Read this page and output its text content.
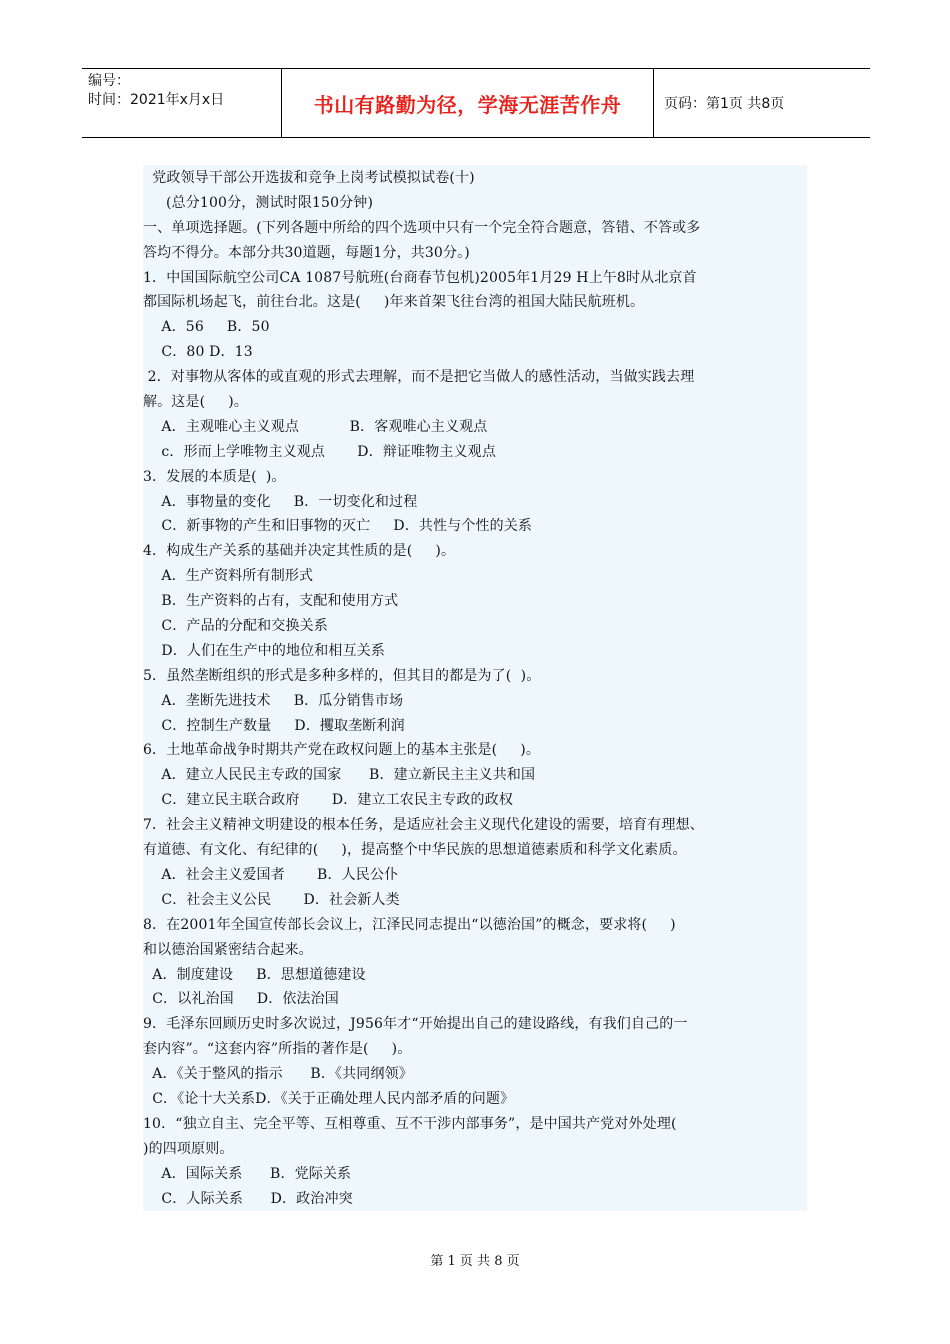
编号：
时间：2021年x月x日	书山有路勤为径，学海无涯苦作舟	页码：第1页 共8页
党政领导干部公开选拔和竞争上岗考试模拟试卷(十)
(总分100分，测试时限150分钟)
一、单项选择题。(下列各题中所给的四个选项中只有一个完全符合题意，答错、不答或多
答均不得分。本部分共30道题，每题1分，共30分。)
1．中国国际航空公司CA 1087号航班(台商春节包机)2005年1月29 H上午8时从北京首
都国际机场起飞，前往台北。这是(     )年来首架飞往台湾的祖国大陆民航班机。
A．56     B．50
C．80 D．13
2．对事物从客体的或直观的形式去理解，而不是把它当做人的感性活动，当做实践去理
解。这是(     )。
A．主观唯心主义观点           B．客观唯心主义观点
c．形而上学唯物主义观点       D．辩证唯物主义观点
3．发展的本质是(  )。
A．事物量的变化     B．一切变化和过程
C．新事物的产生和旧事物的灭亡     D．共性与个性的关系
4．构成生产关系的基础并决定其性质的是(     )。
A．生产资料所有制形式
B．生产资料的占有，支配和使用方式
C．产品的分配和交换关系
D．人们在生产中的地位和相互关系
5．虽然垄断组织的形式是多种多样的，但其目的都是为了(  )。
A．垄断先进技术     B．瓜分销售市场
C．控制生产数量     D．攫取垄断利润
6．土地革命战争时期共产党在政权问题上的基本主张是(     )。
A．建立人民民主专政的国家      B．建立新民主主义共和国
C．建立民主联合政府       D．建立工农民主专政的政权
7．社会主义精神文明建设的根本任务，是适应社会主义现代化建设的需要，培育有理想、
有道德、有文化、有纪律的(     )，提高整个中华民族的思想道德素质和科学文化素质。
A．社会主义爱国者       B．人民公仆
C．社会主义公民       D．社会新人类
8．在2001年全国宣传部长会议上，江泽民同志提出“以德治国”的概念，要求将(     )
和以德治国紧密结合起来。
A．制度建设     B．思想道德建设
C．以礼治国     D．依法治国
9．毛泽东回顾历史时多次说过，J956年才“开始提出自己的建设路线，有我们自己的一
套内容”。“这套内容”所指的著作是(     )。
A．《关于整风的指示      B．《共同纲领》
C．《论十大关系D．《关于正确处理人民内部矛盾的问题》
10．“独立自主、完全平等、互相尊重、互不干涉内部事务”，是中国共产党对外处理(
)的四项原则。
A．国际关系      B．党际关系
C．人际关系      D．政治冲突
第 1 页 共 8 页
